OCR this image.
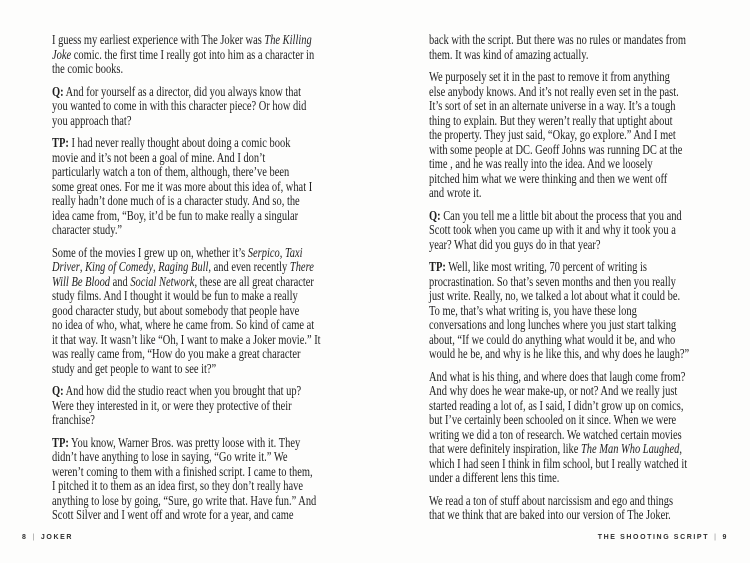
I guess my earliest experience with The Joker was The Killing
Joke comic. the first time I really got into him as a character in
the comic books.
Q: And for yourself as a director, did you always know that
you wanted to come in with this character piece? Or how did
you approach that?
TP: I had never really thought about doing a comic book
movie and it’s not been a goal of mine. And I don’t
particularly watch a ton of them, although, there’ve been
some great ones. For me it was more about this idea of, what I
really hadn’t done much of is a character study. And so, the
idea came from, “Boy, it’d be fun to make really a singular
character study.”
Some of the movies I grew up on, whether it’s Serpico, Taxi
Driver, King of Comedy, Raging Bull, and even recently There
Will Be Blood and Social Network, these are all great character
study films. And I thought it would be fun to make a really
good character study, but about somebody that people have
no idea of who, what, where he came from. So kind of came at
it that way. It wasn’t like “Oh, I want to make a Joker movie.” It
was really came from, “How do you make a great character
study and get people to want to see it?”
Q: And how did the studio react when you brought that up?
Were they interested in it, or were they protective of their
franchise?
TP: You know, Warner Bros. was pretty loose with it. They
didn’t have anything to lose in saying, “Go write it.” We
weren’t coming to them with a finished script. I came to them,
I pitched it to them as an idea first, so they don’t really have
anything to lose by going, “Sure, go write that. Have fun.” And
Scott Silver and I went off and wrote for a year, and came
back with the script. But there was no rules or mandates from
them. It was kind of amazing actually.
We purposely set it in the past to remove it from anything
else anybody knows. And it’s not really even set in the past.
It’s sort of set in an alternate universe in a way. It’s a tough
thing to explain. But they weren’t really that uptight about
the property. They just said, “Okay, go explore.” And I met
with some people at DC. Geoff Johns was running DC at the
time , and he was really into the idea. And we loosely
pitched him what we were thinking and then we went off
and wrote it.
Q: Can you tell me a little bit about the process that you and
Scott took when you came up with it and why it took you a
year? What did you guys do in that year?
TP: Well, like most writing, 70 percent of writing is
procrastination. So that’s seven months and then you really
just write. Really, no, we talked a lot about what it could be.
To me, that’s what writing is, you have these long
conversations and long lunches where you just start talking
about, “If we could do anything what would it be, and who
would he be, and why is he like this, and why does he laugh?”
And what is his thing, and where does that laugh come from?
And why does he wear make-up, or not? And we really just
started reading a lot of, as I said, I didn’t grow up on comics,
but I’ve certainly been schooled on it since. When we were
writing we did a ton of research. We watched certain movies
that were definitely inspiration, like The Man Who Laughed,
which I had seen I think in film school, but I really watched it
under a different lens this time.
We read a ton of stuff about narcissism and ego and things
that we think that are baked into our version of The Joker.
8 | JOKER	THE SHOOTING SCRIPT | 9
